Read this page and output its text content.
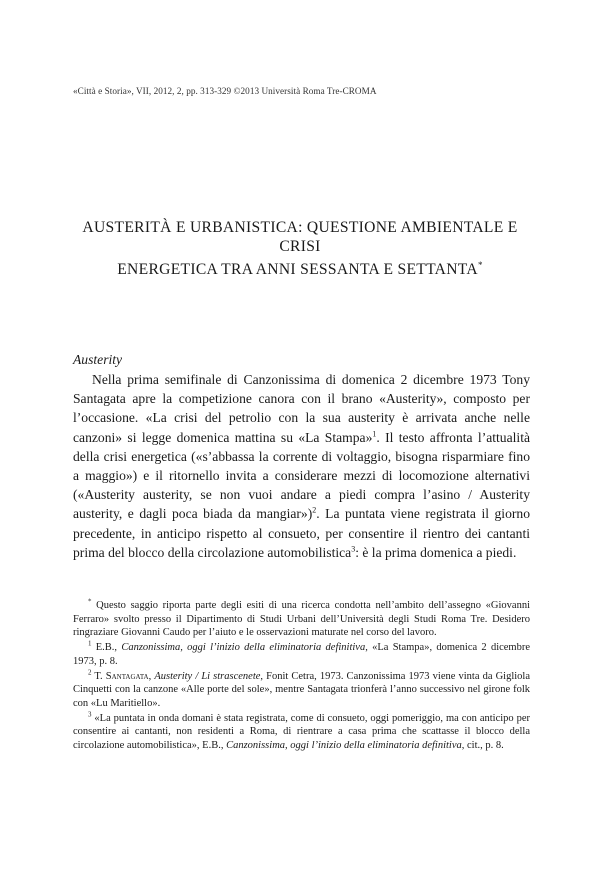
«Città e Storia», VII, 2012, 2, pp. 313-329 ©2013 Università Roma Tre-CROMA
AUSTERITÀ E URBANISTICA: QUESTIONE AMBIENTALE E CRISI
ENERGETICA TRA ANNI SESSANTA E SETTANTA*
Austerity

Nella prima semifinale di Canzonissima di domenica 2 dicembre 1973 Tony Santagata apre la competizione canora con il brano «Austerity», composto per l’occasione. «La crisi del petrolio con la sua austerity è arrivata anche nelle canzoni» si legge domenica mattina su «La Stampa»$^1$. Il testo affronta l’attualità della crisi energetica («s’abbassa la corrente di voltaggio, bisogna risparmiare fino a maggio») e il ritornello invita a considerare mezzi di locomozione alternativi («Austerity austerity, se non vuoi andare a piedi compra l’asino / Austerity austerity, e dagli poca biada da mangiar»)$^2$. La puntata viene registrata il giorno precedente, in anticipo rispetto al consueto, per consentire il rientro dei cantanti prima del blocco della circolazione automobilistica$^3$: è la prima domenica a piedi.

* Questo saggio riporta parte degli esiti di una ricerca condotta nell’ambito dell’assegno «Giovanni Ferraro» svolto presso il Dipartimento di Studi Urbani dell’Università degli Studi Roma Tre. Desidero ringraziare Giovanni Caudo per l’aiuto e le osservazioni maturate nel corso del lavoro.

$^1$ E.B., Canzonissima, oggi l’inizio della eliminatoria definitiva, «La Stampa», domenica 2 dicembre 1973, p. 8.

$^2$ T. Santagata, Austerity / Li strascenete, Fonit Cetra, 1973. Canzonissima 1973 viene vinta da Gigliola Cinquetti con la canzone «Alle porte del sole», mentre Santagata trionferà l’anno successivo nel girone folk con «Lu Maritiello».

$^3$ «La puntata in onda domani è stata registrata, come di consueto, oggi pomeriggio, ma con anticipo per consentire ai cantanti, non residenti a Roma, di rientrare a casa prima che scattasse il blocco della circolazione automobilistica», E.B., Canzonissima, oggi l’inizio della eliminatoria definitiva, cit., p. 8.
